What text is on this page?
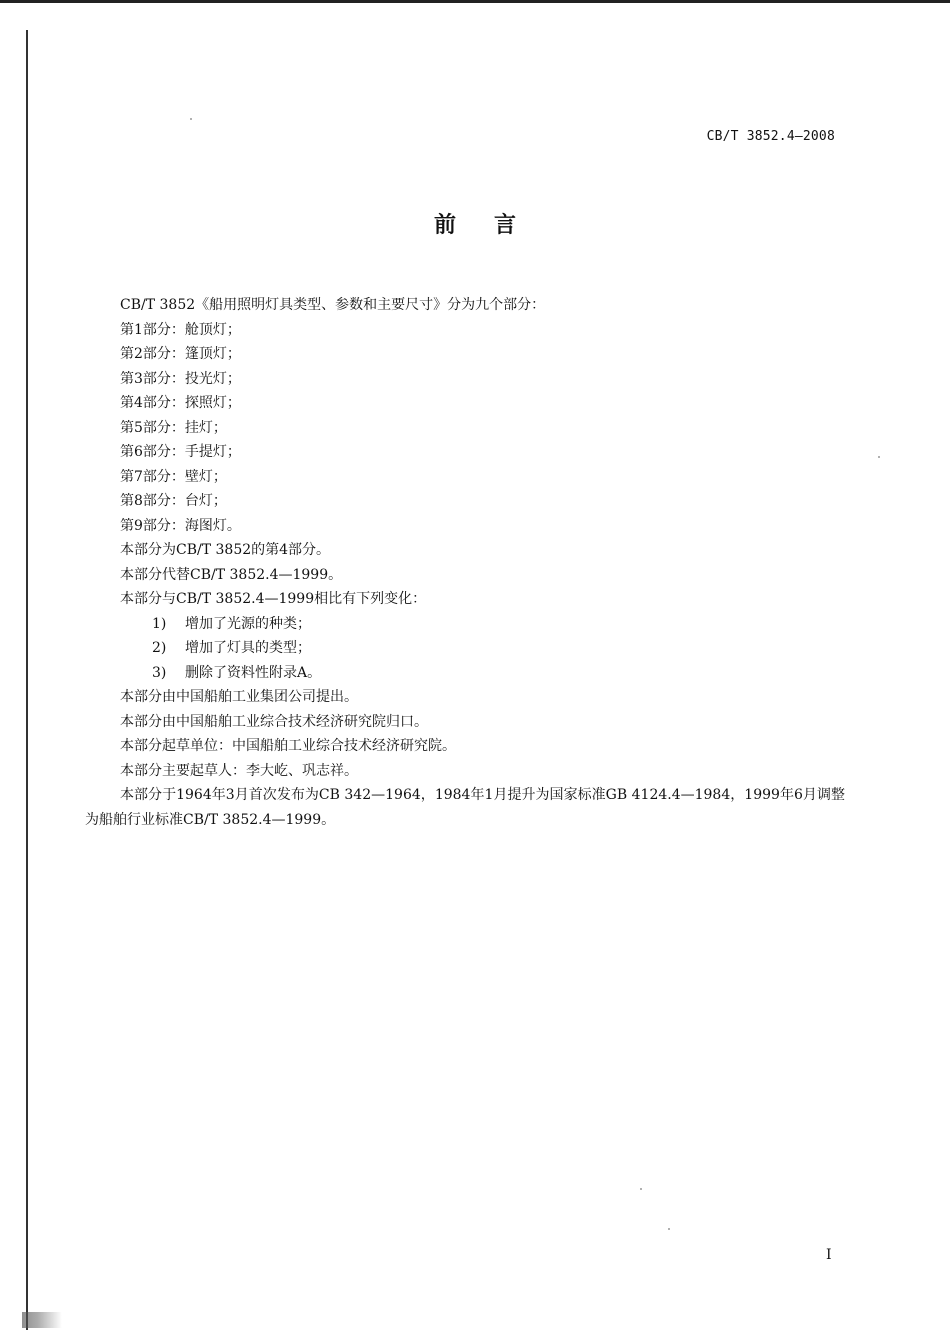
CB/T 3852.4—2008
前言
CB/T 3852《船用照明灯具类型、参数和主要尺寸》分为九个部分：
第1部分：舱顶灯；
第2部分：篷顶灯；
第3部分：投光灯；
第4部分：探照灯；
第5部分：挂灯；
第6部分：手提灯；
第7部分：壁灯；
第8部分：台灯；
第9部分：海图灯。
本部分为CB/T 3852的第4部分。
本部分代替CB/T 3852.4—1999。
本部分与CB/T 3852.4—1999相比有下列变化：
1) 增加了光源的种类；
2) 增加了灯具的类型；
3) 删除了资料性附录A。
本部分由中国船舶工业集团公司提出。
本部分由中国船舶工业综合技术经济研究院归口。
本部分起草单位：中国船舶工业综合技术经济研究院。
本部分主要起草人：李大屹、巩志祥。
本部分于1964年3月首次发布为CB 342—1964，1984年1月提升为国家标准GB 4124.4—1984，1999年6月调整为船舶行业标准CB/T 3852.4—1999。
I
